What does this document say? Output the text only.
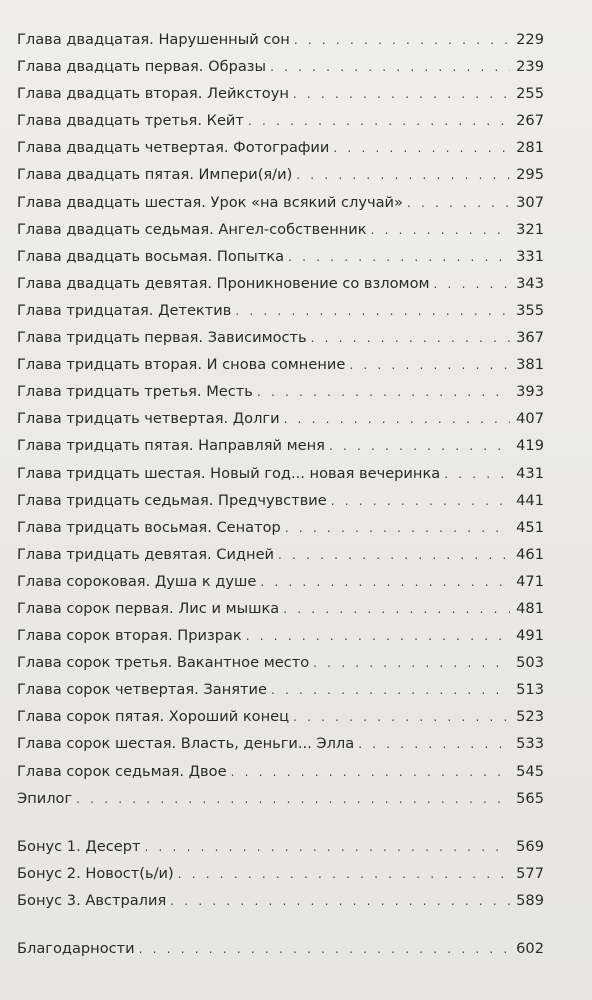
Глава двадцатая. Нарушенный сон . . .	229
Глава двадцать первая. Образы . . .	239
Глава двадцать вторая. Лейкстоун . . .	255
Глава двадцать третья. Кейт . . .	267
Глава двадцать четвертая. Фотографии . . .	281
Глава двадцать пятая. Импери(я/и) . . .	295
Глава двадцать шестая. Урок «на всякий случай» . . .	307
Глава двадцать седьмая. Ангел-собственник . . .	321
Глава двадцать восьмая. Попытка . . .	331
Глава двадцать девятая. Проникновение со взломом . . .	343
Глава тридцатая. Детектив . . .	355
Глава тридцать первая. Зависимость . . .	367
Глава тридцать вторая. И снова сомнение . . .	381
Глава тридцать третья. Месть . . .	393
Глава тридцать четвертая. Долги . . .	407
Глава тридцать пятая. Направляй меня . . .	419
Глава тридцать шестая. Новый год... новая вечеринка . . .	431
Глава тридцать седьмая. Предчувствие . . .	441
Глава тридцать восьмая. Сенатор . . .	451
Глава тридцать девятая. Сидней . . .	461
Глава сороковая. Душа к душе . . .	471
Глава сорок первая. Лис и мышка . . .	481
Глава сорок вторая. Призрак . . .	491
Глава сорок третья. Вакантное место . . .	503
Глава сорок четвертая. Занятие . . .	513
Глава сорок пятая. Хороший конец . . .	523
Глава сорок шестая. Власть, деньги... Элла . . .	533
Глава сорок седьмая. Двое . . .	545
Эпилог . . .	565
Бонус 1. Десерт . . .	569
Бонус 2. Новост(ь/и) . . .	577
Бонус 3. Австралия . . .	589
Благодарности . . .	602
